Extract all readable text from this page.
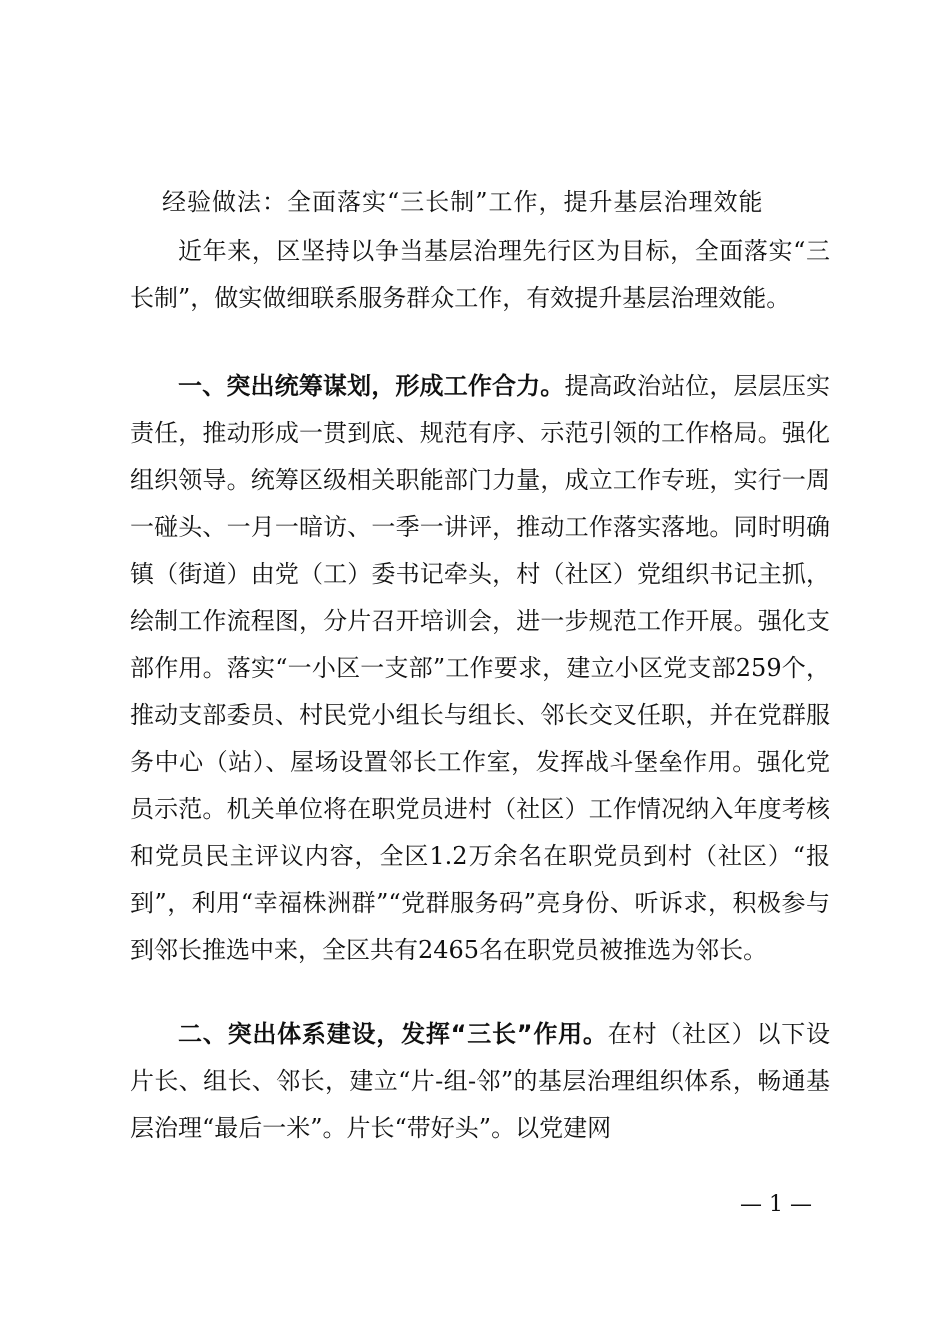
经验做法：全面落实“三长制”工作，提升基层治理效能

近年来，区坚持以争当基层治理先行区为目标，全面落实“三长制”，做实做细联系服务群众工作，有效提升基层治理效能。

一、突出统筹谋划，形成工作合力。提高政治站位，层层压实责任，推动形成一贯到底、规范有序、示范引领的工作格局。强化组织领导。统筹区级相关职能部门力量，成立工作专班，实行一周一碰头、一月一暗访、一季一讲评，推动工作落实落地。同时明确镇（街道）由党（工）委书记牵头，村（社区）党组织书记主抓，绘制工作流程图，分片召开培训会，进一步规范工作开展。强化支部作用。落实“一小区一支部”工作要求，建立小区党支部259个，推动支部委员、村民党小组长与组长、邻长交叉任职，并在党群服务中心（站）、屋场设置邻长工作室，发挥战斗堡垒作用。强化党员示范。机关单位将在职党员进村（社区）工作情况纳入年度考核和党员民主评议内容，全区1.2万余名在职党员到村（社区）“报到”，利用“幸福株洲群”“党群服务码”亮身份、听诉求，积极参与到邻长推选中来，全区共有2465名在职党员被推选为邻长。

二、突出体系建设，发挥“三长”作用。在村（社区）以下设片长、组长、邻长，建立“片-组-邻”的基层治理组织体系，畅通基层治理“最后一米”。片长“带好头”。以党建网

— 1 —
